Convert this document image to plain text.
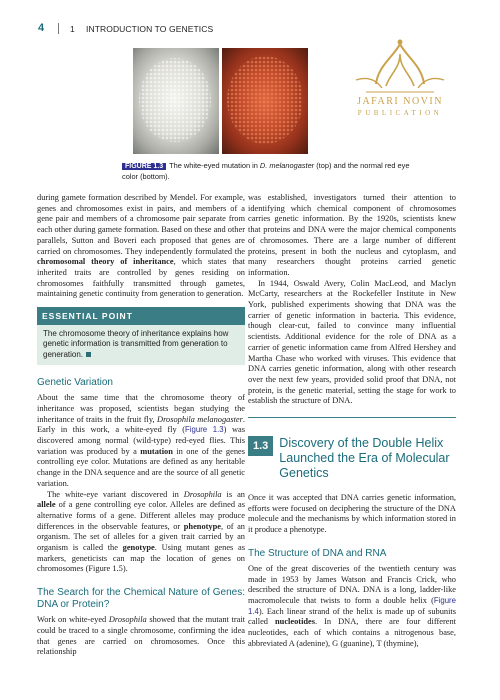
4	1 INTRODUCTION TO GENETICS
JAFARI NOVIN
PUBLICATION
FIGURE 1.3 The white-eyed mutation in D. melanogaster (top) and the normal red eye color (bottom).

during gamete formation described by Mendel. For example, genes and chromosomes exist in pairs, and members of a gene pair and members of a chromosome pair separate from each other during gamete formation. Based on these and other parallels, Sutton and Boveri each proposed that genes are carried on chromosomes. They independently formulated the chromosomal theory of inheritance, which states that inherited traits are controlled by genes residing on chromosomes faithfully transmitted through gametes, maintaining genetic continuity from generation to generation.

ESSENTIAL POINT
The chromosome theory of inheritance explains how genetic information is transmitted from generation to generation.
Genetic Variation

About the same time that the chromosome theory of inheritance was proposed, scientists began studying the inheritance of traits in the fruit fly, Drosophila melanogaster. Early in this work, a white-eyed fly (Figure 1.3) was discovered among normal (wild-type) red-eyed flies. This variation was produced by a mutation in one of the genes controlling eye color. Mutations are defined as any heritable change in the DNA sequence and are the source of all genetic variation.

The white-eye variant discovered in Drosophila is an allele of a gene controlling eye color. Alleles are defined as alternative forms of a gene. Different alleles may produce differences in the observable features, or phenotype, of an organism. The set of alleles for a given trait carried by an organism is called the genotype. Using mutant genes as markers, geneticists can map the location of genes on chromosomes (Figure 1.5).

The Search for the Chemical Nature of Genes: DNA or Protein?

Work on white-eyed Drosophila showed that the mutant trait could be traced to a single chromosome, confirming the idea that genes are carried on chromosomes. Once this relationship

was established, investigators turned their attention to identifying which chemical component of chromosomes carries genetic information. By the 1920s, scientists knew that proteins and DNA were the major chemical components of chromosomes. There are a large number of different proteins, present in both the nucleus and cytoplasm, and many researchers thought proteins carried genetic information.

In 1944, Oswald Avery, Colin MacLeod, and Maclyn McCarty, researchers at the Rockefeller Institute in New York, published experiments showing that DNA was the carrier of genetic information in bacteria. This evidence, though clear-cut, failed to convince many influential scientists. Additional evidence for the role of DNA as a carrier of genetic information came from Alfred Hershey and Martha Chase who worked with viruses. This evidence that DNA carries genetic information, along with other research over the next few years, provided solid proof that DNA, not protein, is the genetic material, setting the stage for work to establish the structure of DNA.

1.3 Discovery of the Double Helix Launched the Era of Molecular Genetics

Once it was accepted that DNA carries genetic information, efforts were focused on deciphering the structure of the DNA molecule and the mechanisms by which information stored in it produce a phenotype.

The Structure of DNA and RNA

One of the great discoveries of the twentieth century was made in 1953 by James Watson and Francis Crick, who described the structure of DNA. DNA is a long, ladder-like macromolecule that twists to form a double helix (Figure 1.4). Each linear strand of the helix is made up of subunits called nucleotides. In DNA, there are four different nucleotides, each of which contains a nitrogenous base, abbreviated A (adenine), G (guanine), T (thymine),
